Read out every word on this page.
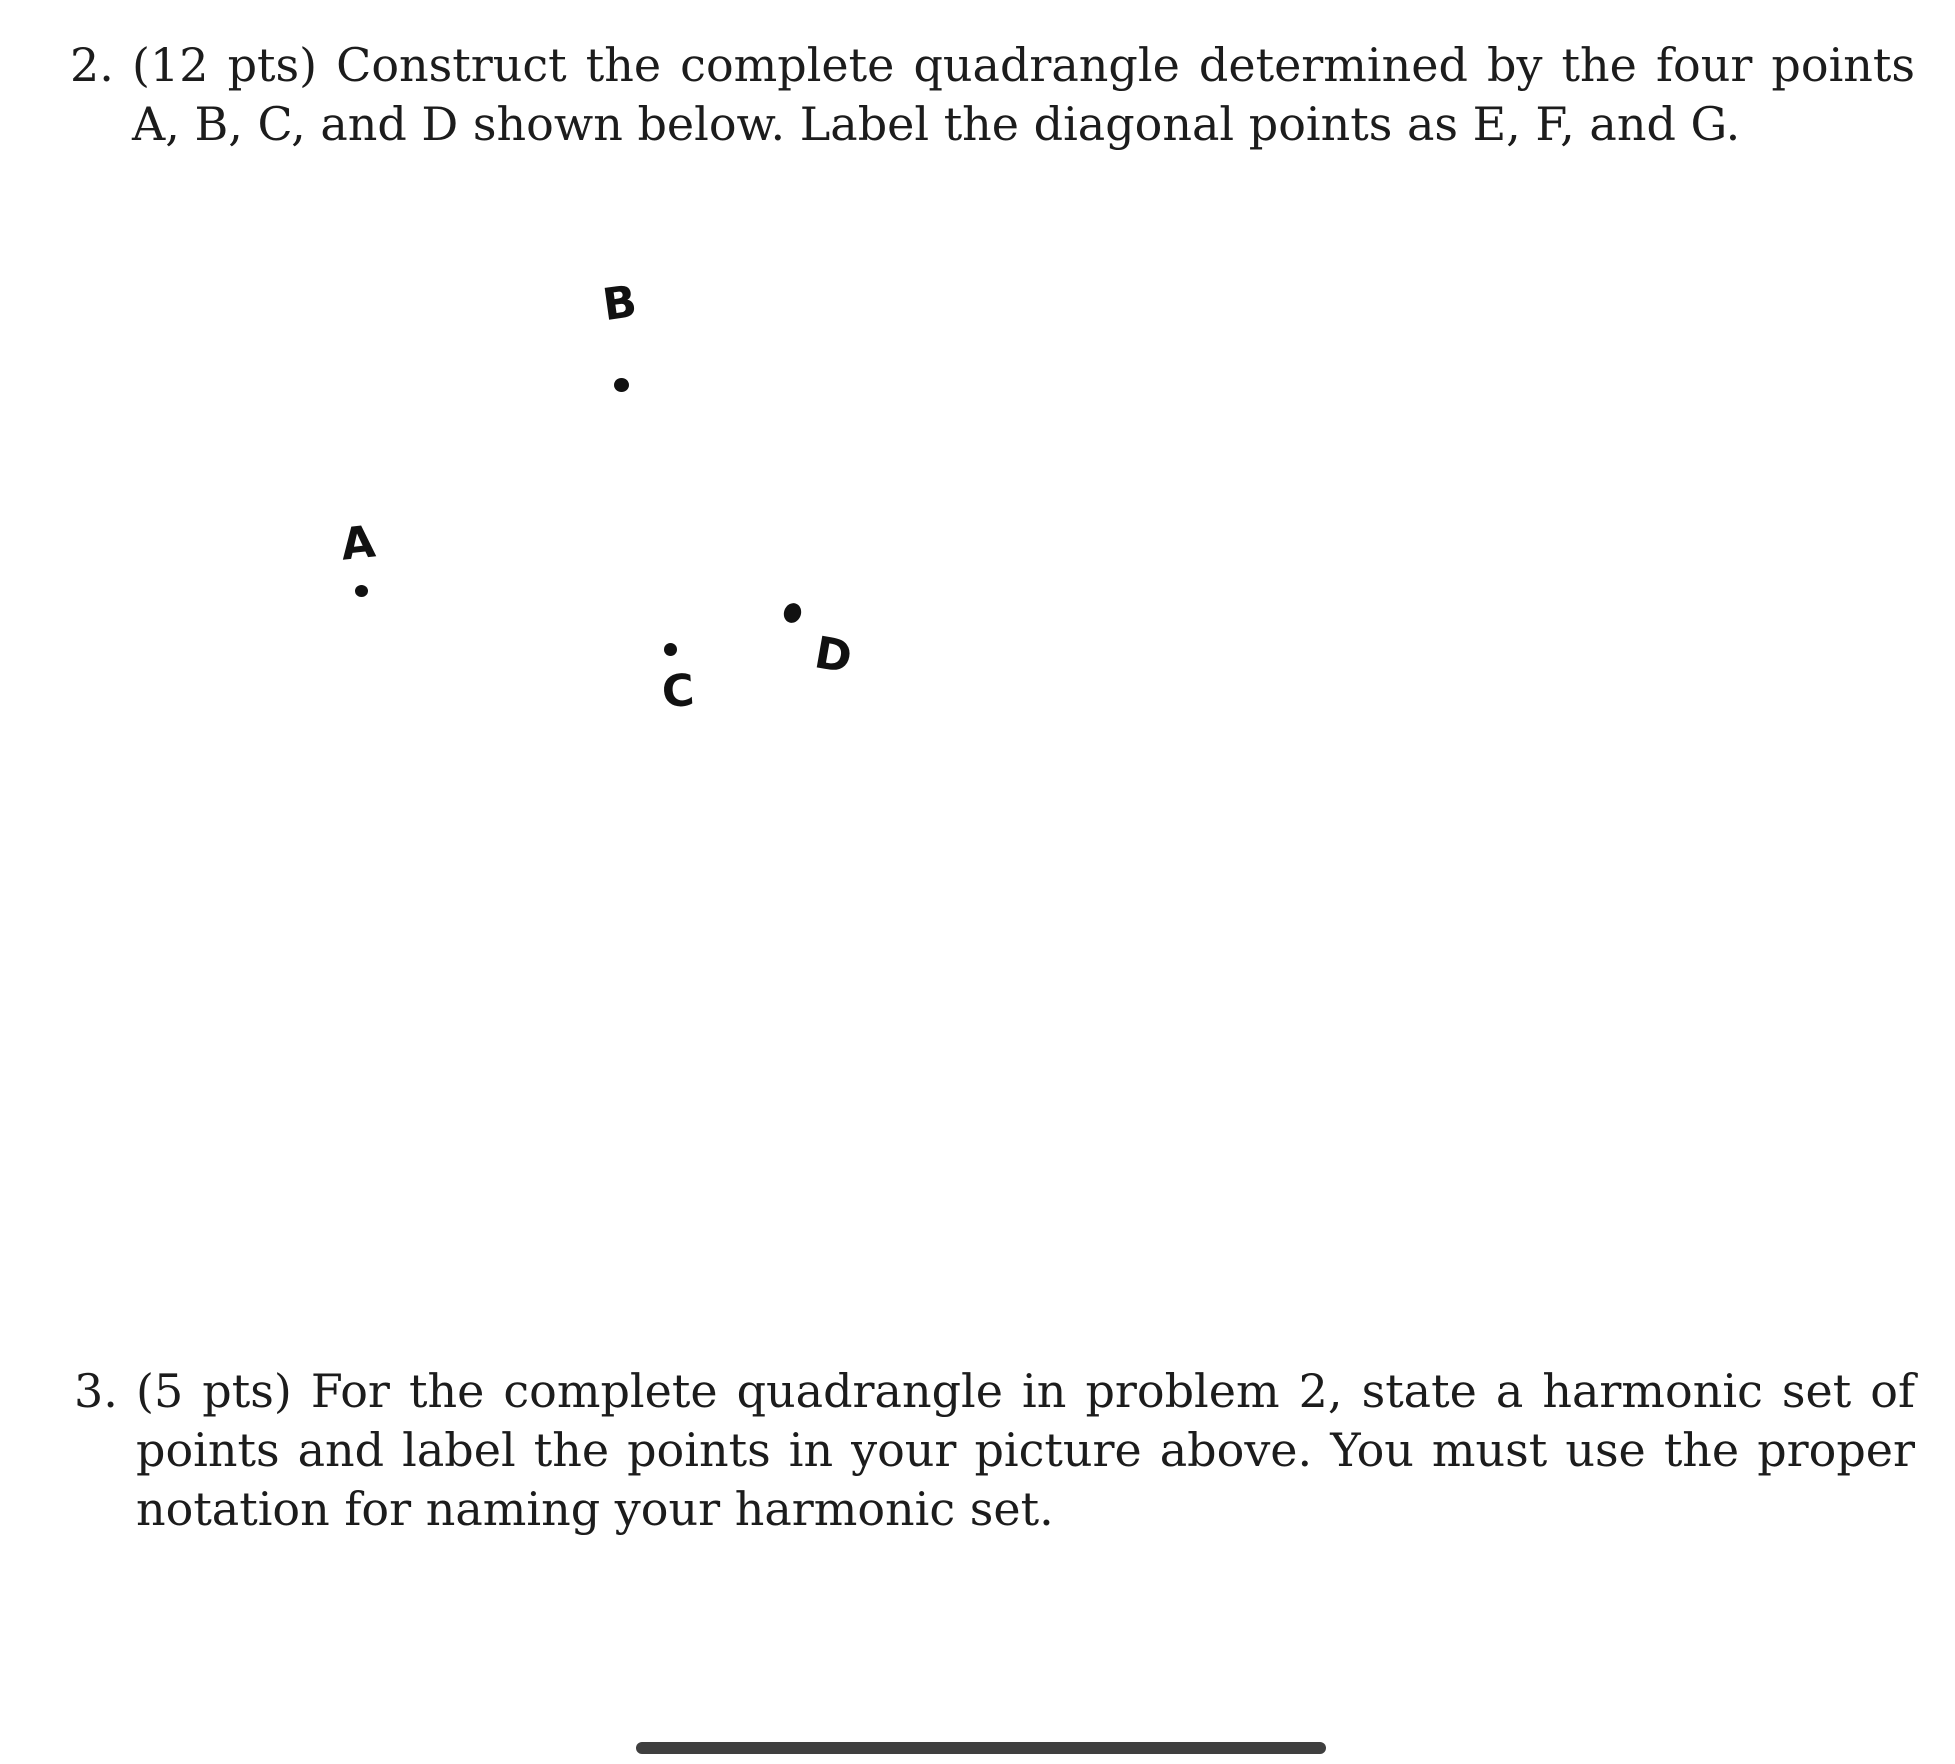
2. (12 pts) Construct the complete quadrangle determined by the four points A, B, C, and D shown below. Label the diagonal points as E, F, and G.
B
A
C
D
3. (5 pts) For the complete quadrangle in problem 2, state a harmonic set of points and label the points in your picture above. You must use the proper notation for naming your harmonic set.
